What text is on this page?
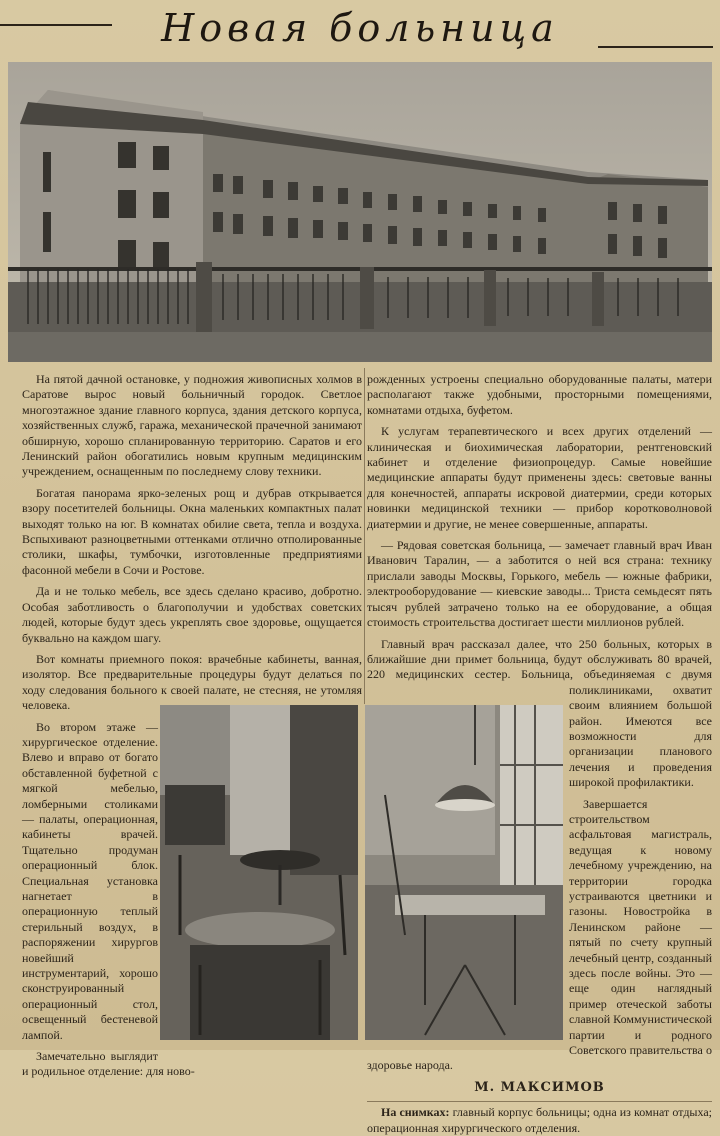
Новая больница

На пятой дачной остановке, у подножия живописных холмов в Саратове вырос новый больничный городок. Светлое многоэтажное здание главного корпуса, здания детского корпуса, хозяйственных служб, гаража, механической прачечной занимают обширную, хорошо спланированную территорию. Саратов и его Ленинский район обогатились новым крупным медицинским учреждением, оснащенным по последнему слову техники.

Богатая панорама ярко-зеленых рощ и дубрав открывается взору посетителей больницы. Окна маленьких компактных палат выходят только на юг. В комнатах обилие света, тепла и воздуха. Вспыхивают разноцветными оттенками отлично отполированные столики, шкафы, тумбочки, изготовленные предприятиями фасонной мебели в Сочи и Ростове.

Да и не только мебель, все здесь сделано красиво, добротно. Особая заботливость о благополучии и удобствах советских людей, которые будут здесь укреплять свое здоровье, ощущается буквально на каждом шагу.

Вот комнаты приемного покоя: врачебные кабинеты, ванная, изолятор. Все предварительные процедуры будут делаться по ходу следования больного к своей палате, не стесняя, не утомляя человека.

Во втором этаже — хирургическое отделение. Влево и вправо от богато обставленной буфетной с мягкой мебелью, ломберными столиками — палаты, операционная, кабинеты врачей. Тщательно продуман операционный блок. Специальная установка нагнетает в операционную теплый стерильный воздух, в распоряжении хирургов новейший инструментарий, хорошо сконструированный операционный стол, освещенный бестеневой лампой.

Замечательно выглядит и родильное отделение: для ново-

рожденных устроены специально оборудованные палаты, матери располагают также удобными, просторными помещениями, комнатами отдыха, буфетом.

К услугам терапевтического и всех других отделений — клиническая и биохимическая лаборатории, рентгеновский кабинет и отделение физиопроцедур. Самые новейшие медицинские аппараты будут применены здесь: световые ванны для конечностей, аппараты искровой диатермии, среди которых новинки медицинской техники — прибор коротковолновой диатермии и другие, не менее совершенные, аппараты.

— Рядовая советская больница, — замечает главный врач Иван Иванович Таралин, — а заботится о ней вся страна: технику прислали заводы Москвы, Горького, мебель — южные фабрики, электрооборудование — киевские заводы... Триста семьдесят пять тысяч рублей затрачено только на ее оборудование, а общая стоимость строительства достигает шести миллионов рублей.

Главный врач рассказал далее, что 250 больных, которых в ближайшие дни примет больница, будут обслуживать 80 врачей, 220 медицинских сестер. Больница, объединяемая с двумя поликлиниками, охватит своим влиянием большой район. Имеются все возможности для организации планового лечения и проведения широкой профилактики.

Завершается строительством асфальтовая магистраль, ведущая к новому лечебному учреждению, на территории городка устраиваются цветники и газоны. Новостройка в Ленинском районе — пятый по счету крупный лечебный центр, созданный здесь после войны. Это — еще один наглядный пример отеческой заботы славной Коммунистической партии и родного Советского правительства о здоровье народа.

М. МАКСИМОВ
На снимках: главный корпус больницы; одна из комнат отдыха; операционная хирургического отделения.
